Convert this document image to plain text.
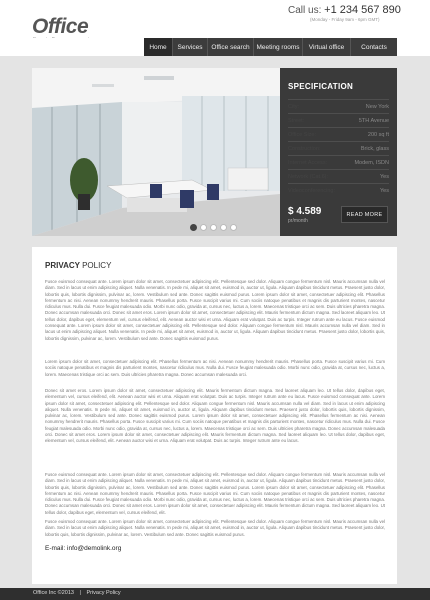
Office
Call us: +1 234 567 890
(Monday - Friday 9am - 6pm GMT)
Home	Services	Office search	Meeting rooms	Virtual office	Contacts
SPECIFICATION
City:	New York
Street:	5TH Avenue
Office Size:	200 sq ft
Construction:	Brick, glass
Internet Access:	Modem, ISDN
Network (Cat.6):	Yes
Videoconferencing:	Yes
$ 4.589
pr/month
READ MORE
PRIVACY POLICY
Fusce euismod consequat ante. Lorem ipsum dolor sit amet, consectetuer adipiscing elit. Pellentesque sed dolor. Aliquam congue fermentum nisl. Mauris accumsan nulla vel diam. Sed in lacus ut enim adipiscing aliquet. Nulla venenatis. In pede mi, aliquet sit amet, euismod in, auctor ut, ligula. Aliquam dapibus tincidunt metus. Praesent justo dolor, lobortis quis, lobortis dignissim, pulvinar ac, lorem. Vestibulum sed ante. Donec sagittis euismod purus. Lorem ipsum dolor sit amet, consectetuer adipiscing elit. Phasellus fermentum ac nisi. Aenean nonummy hendrerit mauris. Phasellus porta. Fusce suscipit varius mi. Cum sociis natoque penatibus et magnis dis parturient montes, nascetur ridiculus mus. Nulla dui. Fusce feugiat malesuada odio. Morbi nunc odio, gravida at, cursus nec, luctus a, lorem. Maecenas tristique orci ac sem. Duis ultricies pharetra magna. Donec accumsan malesuada orci. Donec sit amet eros. Lorem ipsum dolor sit amet, consectetuer adipiscing elit. Mauris fermentum dictum magna. Sed laoreet aliquam leo. Ut tellus dolor, dapibus eget, elementum vel, cursus eleifend, elit. Aenean auctor wisi et urna. Aliquam erat volutpat. Duis ac turpis. Integer rutrum ante eu lacus. Fusce euismod consequat ante. Lorem ipsum dolor sit amet, consectetuer adipiscing elit. Pellentesque sed dolor. Aliquam congue fermentum nisl. Mauris accumsan nulla vel diam. Sed in lacus ut enim adipiscing aliquet. Nulla venenatis. In pede mi, aliquet sit amet, euismod in, auctor ut, ligula. Aliquam dapibus tincidunt metus. Praesent justo dolor, lobortis quis, lobortis dignissim, pulvinar ac, lorem. Vestibulum sed ante. Donec sagittis euismod purus.
Lorem ipsum dolor sit amet, consectetuer adipiscing elit. Phasellus fermentum ac nisi. Aenean nonummy hendrerit mauris. Phasellus porta. Fusce suscipit varius mi. Cum sociis natoque penatibus et magnis dis parturient montes, nascetur ridiculus mus. Nulla dui. Fusce feugiat malesuada odio. Morbi nunc odio, gravida at, cursus nec, luctus a, lorem. Maecenas tristique orci ac sem. Duis ultricies pharetra magna. Donec accumsan malesuada orci.
Donec sit amet eros. Lorem ipsum dolor sit amet, consectetuer adipiscing elit. Mauris fermentum dictum magna. Sed laoreet aliquam leo. Ut tellus dolor, dapibus eget, elementum vel, cursus eleifend, elit. Aenean auctor wisi et urna. Aliquam erat volutpat. Duis ac turpis. Integer rutrum ante eu lacus. Fusce euismod consequat ante. Lorem ipsum dolor sit amet, consectetuer adipiscing elit. Pellentesque sed dolor. Aliquam congue fermentum nisl. Mauris accumsan nulla vel diam. Sed in lacus ut enim adipiscing aliquet. Nulla venenatis. In pede mi, aliquet sit amet, euismod in, auctor ut, ligula. Aliquam dapibus tincidunt metus. Praesent justo dolor, lobortis quis, lobortis dignissim, pulvinar ac, lorem. Vestibulum sed ante. Donec sagittis euismod purus. Lorem ipsum dolor sit amet, consectetuer adipiscing elit. Phasellus fermentum ac nisi. Aenean nonummy hendrerit mauris. Phasellus porta. Fusce suscipit varius mi. Cum sociis natoque penatibus et magnis dis parturient montes, nascetur ridiculus mus. Nulla dui. Fusce feugiat malesuada odio. Morbi nunc odio, gravida at, cursus nec, luctus a, lorem. Maecenas tristique orci ac sem. Duis ultricies pharetra magna. Donec accumsan malesuada orci. Donec sit amet eros. Lorem ipsum dolor sit amet, consectetuer adipiscing elit. Mauris fermentum dictum magna. Sed laoreet aliquam leo. Ut tellus dolor, dapibus eget, elementum vel, cursus eleifend, elit. Aenean auctor wisi et urna. Aliquam erat volutpat. Duis ac turpis. Integer rutrum ante eu lacus.
Fusce euismod consequat ante. Lorem ipsum dolor sit amet, consectetuer adipiscing elit. Pellentesque sed dolor. Aliquam congue fermentum nisl. Mauris accumsan nulla vel diam. Sed in lacus ut enim adipiscing aliquet. Nulla venenatis. In pede mi, aliquet sit amet, euismod in, auctor ut, ligula. Aliquam dapibus tincidunt metus. Praesent justo dolor, lobortis quis, lobortis dignissim, pulvinar ac, lorem. Vestibulum sed ante. Donec sagittis euismod purus. Lorem ipsum dolor sit amet, consectetuer adipiscing elit. Phasellus fermentum ac nisi. Aenean nonummy hendrerit mauris. Phasellus porta. Fusce suscipit varius mi. Cum sociis natoque penatibus et magnis dis parturient montes, nascetur ridiculus mus. Nulla dui. Fusce feugiat malesuada odio. Morbi nunc odio, gravida at, cursus nec, luctus a, lorem. Maecenas tristique orci ac sem. Duis ultricies pharetra magna. Donec accumsan malesuada orci. Donec sit amet eros. Lorem ipsum dolor sit amet, consectetuer adipiscing elit. Mauris fermentum dictum magna. Sed laoreet aliquam leo. Ut tellus dolor, dapibus eget, elementum vel, cursus eleifend, elit.
Fusce euismod consequat ante. Lorem ipsum dolor sit amet, consectetuer adipiscing elit. Pellentesque sed dolor. Aliquam congue fermentum nisl. Mauris accumsan nulla vel diam. Sed in lacus ut enim adipiscing aliquet. Nulla venenatis. In pede mi, aliquet sit amet, euismod in, auctor ut, ligula. Aliquam dapibus tincidunt metus. Praesent justo dolor, lobortis quis, lobortis dignissim, pulvinar ac, lorem. Vestibulum sed ante. Donec sagittis euismod purus.
E-mail: info@demolink.org
Office Inc ©2013 | Privacy Policy
